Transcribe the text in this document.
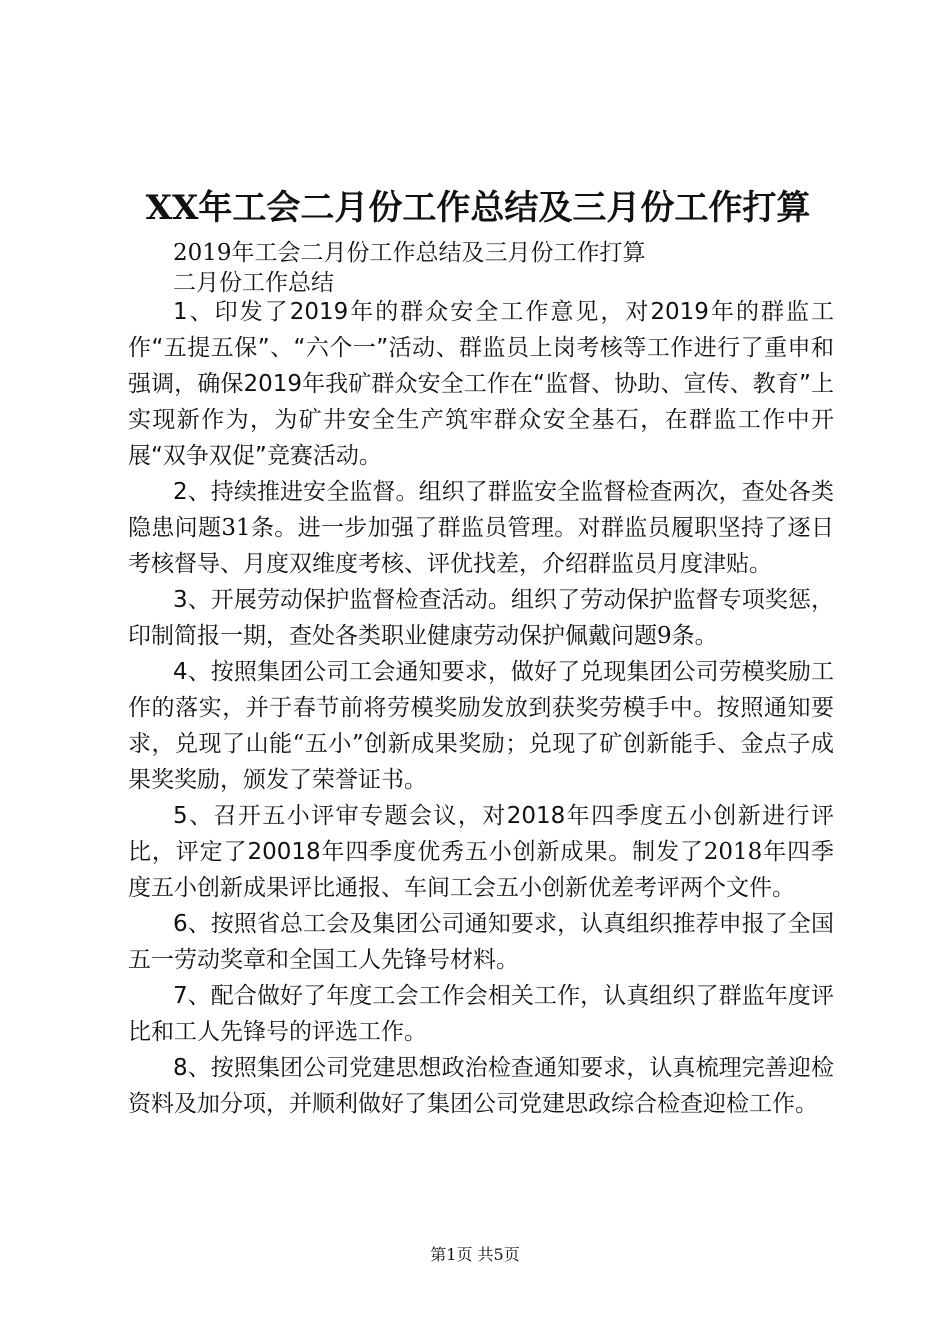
XX年工会二月份工作总结及三月份工作打算

2019年工会二月份工作总结及三月份工作打算

二月份工作总结

1、印发了2019年的群众安全工作意见，对2019年的群监工作“五提五保”、“六个一”活动、群监员上岗考核等工作进行了重申和强调，确保2019年我矿群众安全工作在“监督、协助、宣传、教育”上实现新作为，为矿井安全生产筑牢群众安全基石，在群监工作中开展“双争双促”竞赛活动。

2、持续推进安全监督。组织了群监安全监督检查两次，查处各类隐患问题31条。进一步加强了群监员管理。对群监员履职坚持了逐日考核督导、月度双维度考核、评优找差，介绍群监员月度津贴。

3、开展劳动保护监督检查活动。组织了劳动保护监督专项奖惩，印制简报一期，查处各类职业健康劳动保护佩戴问题9条。

4、按照集团公司工会通知要求，做好了兑现集团公司劳模奖励工作的落实，并于春节前将劳模奖励发放到获奖劳模手中。按照通知要求，兑现了山能“五小”创新成果奖励；兑现了矿创新能手、金点子成果奖奖励，颁发了荣誉证书。

5、召开五小评审专题会议，对2018年四季度五小创新进行评比，评定了20018年四季度优秀五小创新成果。制发了2018年四季度五小创新成果评比通报、车间工会五小创新优差考评两个文件。

6、按照省总工会及集团公司通知要求，认真组织推荐申报了全国五一劳动奖章和全国工人先锋号材料。

7、配合做好了年度工会工作会相关工作，认真组织了群监年度评比和工人先锋号的评选工作。

8、按照集团公司党建思想政治检查通知要求，认真梳理完善迎检资料及加分项，并顺利做好了集团公司党建思政综合检查迎检工作。

第1页 共5页
